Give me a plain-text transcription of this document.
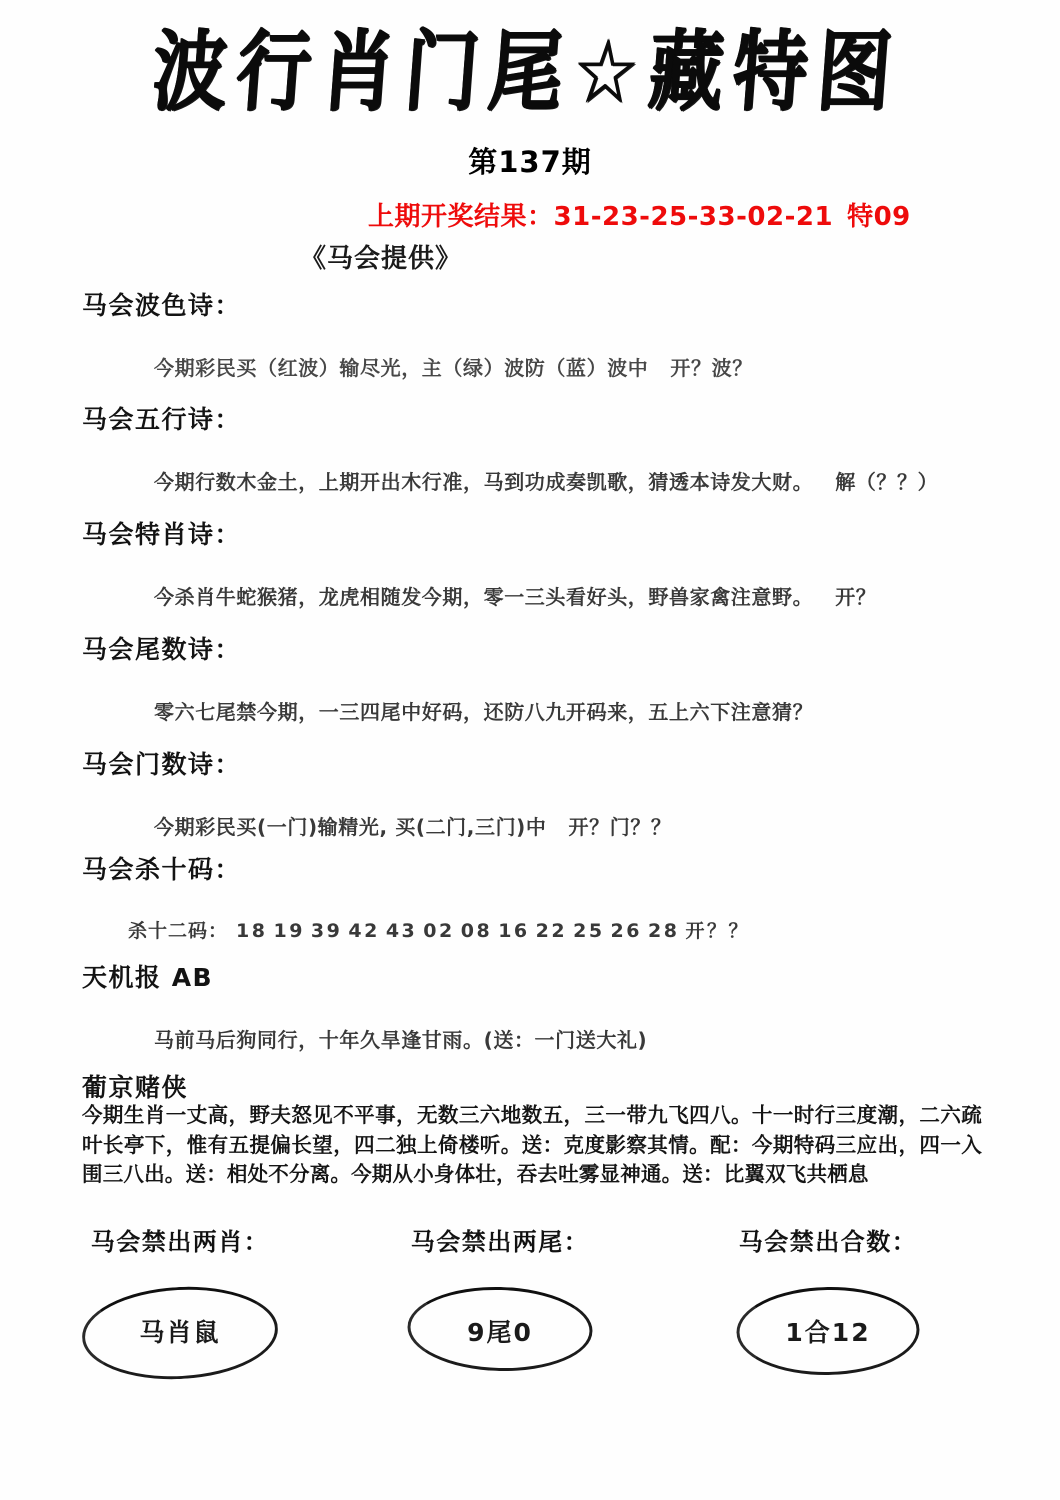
波行肖门尾☆藏特图
第137期
上期开奖结果：31-23-25-33-02-21 特09
《马会提供》
马会波色诗：
今期彩民买（红波）输尽光，主（绿）波防（蓝）波中 开？波？
马会五行诗：
今期行数木金土，上期开出木行准，马到功成奏凯歌，猜透本诗发大财。 解（？？）
马会特肖诗：
今杀肖牛蛇猴猪，龙虎相随发今期，零一三头看好头，野兽家禽注意野。 开？
马会尾数诗：
零六七尾禁今期，一三四尾中好码，还防八九开码来，五上六下注意猜？
马会门数诗：
今期彩民买(一门)输精光, 买(二门,三门)中 开？门？？
马会杀十码：
杀十二码： 18 19 39 42 43 02 08 16 22 25 26 28 开？？
天机报 AB
马前马后狗同行，十年久旱逢甘雨。(送：一门送大礼)
葡京赌侠
今期生肖一丈高，野夫怒见不平事，无数三六地数五，三一带九飞四八。十一时行三度潮，二六疏叶长亭下，惟有五提偏长望，四二独上倚楼听。送：克度影察其情。配：今期特码三应出，四一入围三八出。送：相处不分离。今期从小身体壮，吞去吐雾显神通。送：比翼双飞共栖息
马会禁出两肖：
马肖鼠
马会禁出两尾：
9尾0
马会禁出合数：
1合12
